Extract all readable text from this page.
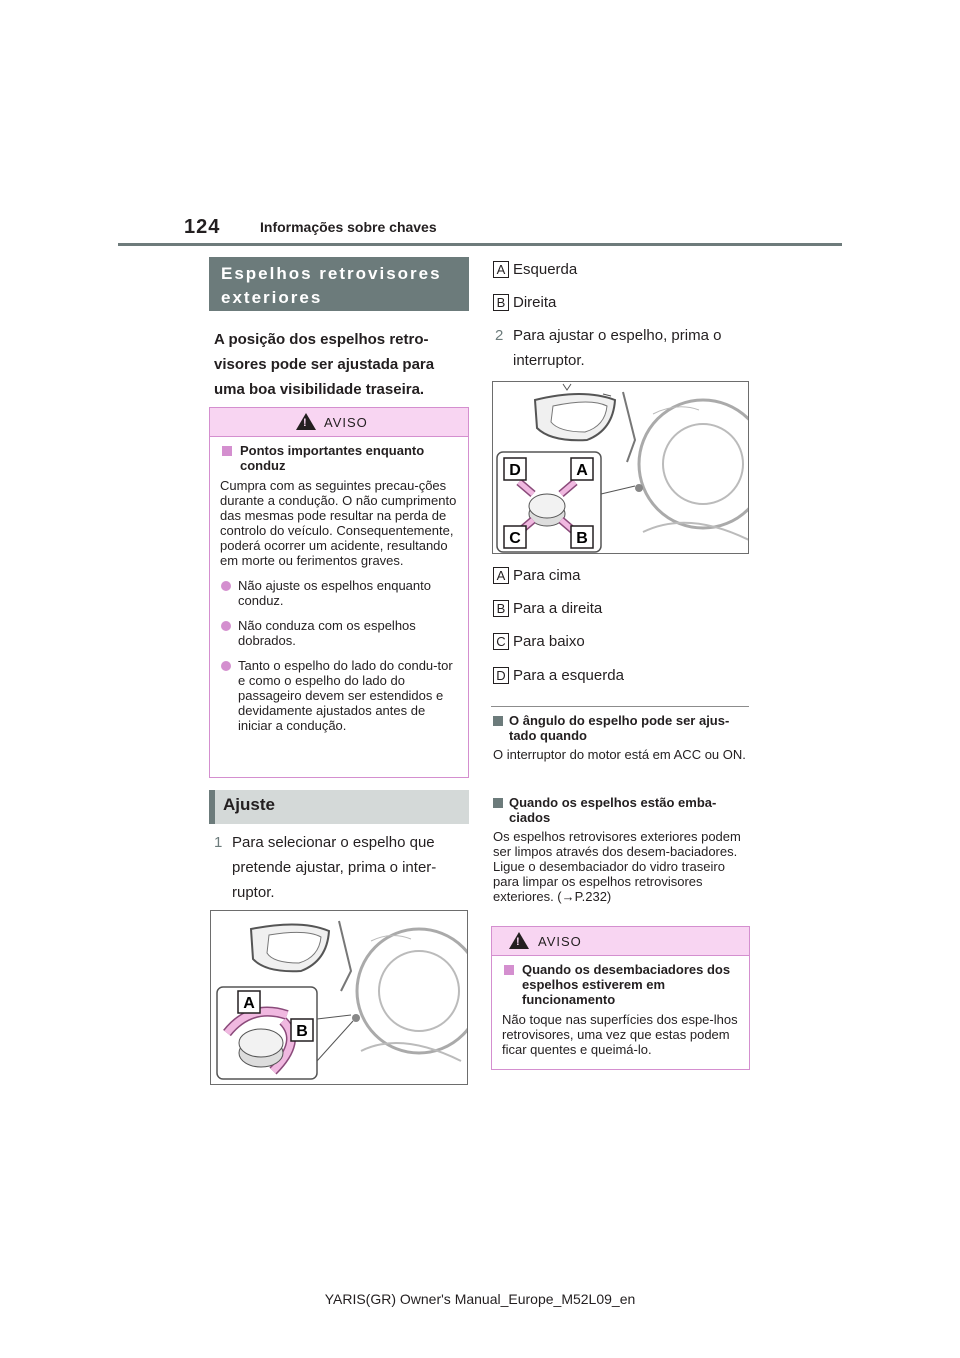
124	Informações sobre chaves
Espelhos retrovisores
exteriores
A posição dos espelhos retro-visores pode ser ajustada para uma boa visibilidade traseira.
!
AVISO
Pontos importantes enquanto conduz
Cumpra com as seguintes precau-ções durante a condução. O não cumprimento das mesmas pode resultar na perda de controlo do veículo. Consequentemente, poderá ocorrer um acidente, resultando em morte ou ferimentos graves.
Não ajuste os espelhos enquanto conduz.
Não conduza com os espelhos dobrados.
Tanto o espelho do lado do condu-tor e como o espelho do lado do passageiro devem ser estendidos e devidamente ajustados antes de iniciar a condução.
Ajuste
1 Para selecionar o espelho que pretende ajustar, prima o inter-ruptor.
A
B
A Esquerda
B Direita
2 Para ajustar o espelho, prima o interruptor.
D	A
C	B
A Para cima
B Para a direita
C Para baixo
D Para a esquerda
O ângulo do espelho pode ser ajus-tado quando
O interruptor do motor está em ACC ou ON.
Quando os espelhos estão emba-ciados
Os espelhos retrovisores exteriores podem ser limpos através dos desem-baciadores. Ligue o desembaciador do vidro traseiro para limpar os espelhos retrovisores exteriores. (→P.232)
!
AVISO
Quando os desembaciadores dos espelhos estiverem em funcionamento
Não toque nas superfícies dos espe-lhos retrovisores, uma vez que estas podem ficar quentes e queimá-lo.
YARIS(GR) Owner's Manual_Europe_M52L09_en
